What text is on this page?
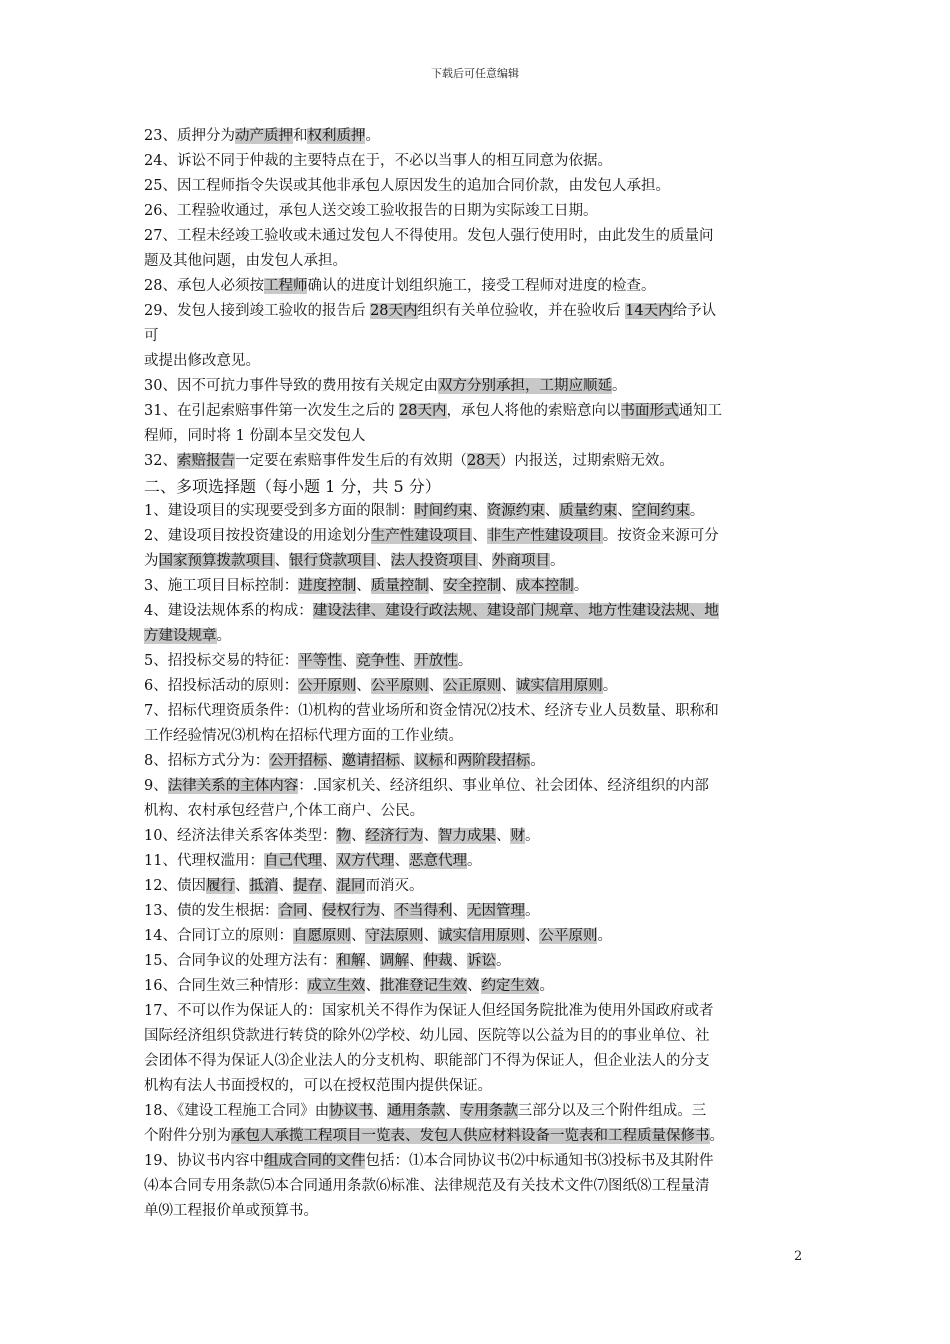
下载后可任意编辑
23、质押分为动产质押和权利质押。
24、诉讼不同于仲裁的主要特点在于，不必以当事人的相互同意为依据。
25、因工程师指令失误或其他非承包人原因发生的追加合同价款，由发包人承担。
26、工程验收通过，承包人送交竣工验收报告的日期为实际竣工日期。
27、工程未经竣工验收或未通过发包人不得使用。发包人强行使用时，由此发生的质量问
题及其他问题，由发包人承担。
28、承包人必须按工程师确认的进度计划组织施工，接受工程师对进度的检查。
29、发包人接到竣工验收的报告后 28天内组织有关单位验收，并在验收后 14天内给予认
可
或提出修改意见。
30、因不可抗力事件导致的费用按有关规定由双方分别承担，工期应顺延。
31、在引起索赔事件第一次发生之后的 28天内，承包人将他的索赔意向以书面形式通知工
程师，同时将 1 份副本呈交发包人
32、索赔报告一定要在索赔事件发生后的有效期（28天）内报送，过期索赔无效。
二、多项选择题（每小题 1 分，共 5 分）
1、建设项目的实现要受到多方面的限制：时间约束、资源约束、质量约束、空间约束。
2、建设项目按投资建设的用途划分生产性建设项目、非生产性建设项目。按资金来源可分
为国家预算拨款项目、银行贷款项目、法人投资项目、外商项目。
3、施工项目目标控制：进度控制、质量控制、安全控制、成本控制。
4、建设法规体系的构成：建设法律、建设行政法规、建设部门规章、地方性建设法规、地
方建设规章。
5、招投标交易的特征：平等性、竞争性、开放性。
6、招投标活动的原则：公开原则、公平原则、公正原则、诚实信用原则。
7、招标代理资质条件：⑴机构的营业场所和资金情况⑵技术、经济专业人员数量、职称和
工作经验情况⑶机构在招标代理方面的工作业绩。
8、招标方式分为：公开招标、邀请招标、议标和两阶段招标。
9、法律关系的主体内容：.国家机关、经济组织、事业单位、社会团体、经济组织的内部
机构、农村承包经营户,个体工商户、公民。
10、经济法律关系客体类型：物、经济行为、智力成果、财。
11、代理权滥用：自己代理、双方代理、恶意代理。
12、债因履行、抵消、提存、混同而消灭。
13、债的发生根据：合同、侵权行为、不当得利、无因管理。
14、合同订立的原则：自愿原则、守法原则、诚实信用原则、公平原则。
15、合同争议的处理方法有：和解、调解、仲裁、诉讼。
16、合同生效三种情形：成立生效、批准登记生效、约定生效。
17、不可以作为保证人的：国家机关不得作为保证人但经国务院批准为使用外国政府或者
国际经济组织贷款进行转贷的除外⑵学校、幼儿园、医院等以公益为目的的事业单位、社
会团体不得为保证人⑶企业法人的分支机构、职能部门不得为保证人，但企业法人的分支
机构有法人书面授权的，可以在授权范围内提供保证。
18、《建设工程施工合同》由协议书、通用条款、专用条款三部分以及三个附件组成。三
个附件分别为承包人承揽工程项目一览表、发包人供应材料设备一览表和工程质量保修书。
19、协议书内容中组成合同的文件包括：⑴本合同协议书⑵中标通知书⑶投标书及其附件
⑷本合同专用条款⑸本合同通用条款⑹标准、法律规范及有关技术文件⑺图纸⑻工程量清
单⑼工程报价单或预算书。
2
